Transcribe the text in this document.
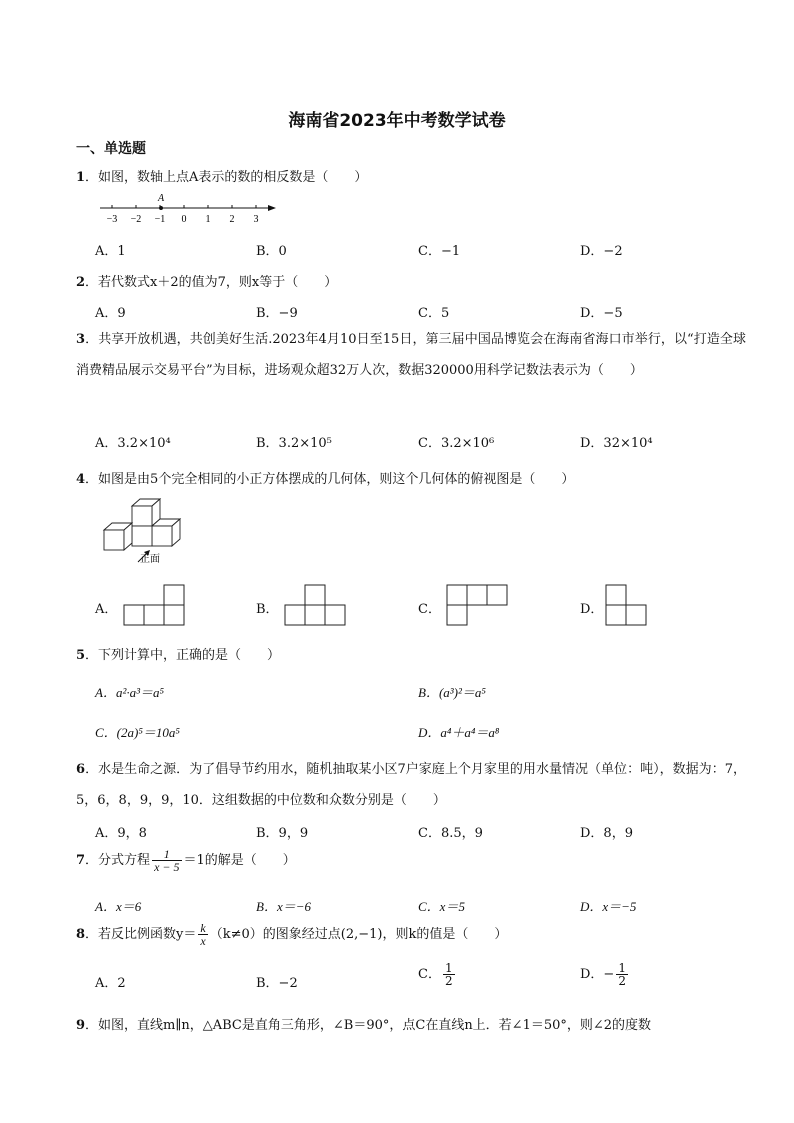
海南省2023年中考数学试卷
一、单选题
1．如图，数轴上点A表示的数的相反数是（　　）
−3 −2 −1 0 1 2 3
A
A．1	B．0	C．−1	D．−2
2．若代数式x＋2的值为7，则x等于（　　）
A．9	B．−9	C．5	D．−5
3．共享开放机遇，共创美好生活.2023年4月10日至15日，第三届中国品博览会在海南省海口市举行，以“打造全球消费精品展示交易平台”为目标，进场观众超32万人次，数据320000用科学记数法表示为（　　）
A．3.2×10⁴	B．3.2×10⁵	C．3.2×10⁶	D．32×10⁴
4．如图是由5个完全相同的小正方体摆成的几何体，则这个几何体的俯视图是（　　）
正面
A．	B．	C．	D．
5．下列计算中，正确的是（　　）
A．a²·a³＝a⁵	B．(a³)²＝a⁵
C．(2a)⁵＝10a⁵	D．a⁴＋a⁴＝a⁸
6．水是生命之源．为了倡导节约用水，随机抽取某小区7户家庭上个月家里的用水量情况（单位：吨），数据为：7，5，6，8，9，9，10．这组数据的中位数和众数分别是（　　）
A．9，8	B．9，9	C．8.5，9	D．8，9
7．分式方程 $\frac{1}{x - 5} =1$的解是（　　）
A．x＝6	B．x＝−6	C．x＝5	D．x＝−5
8．若反比例函数$y= \frac{k}{x} (k\ne 0)$的图象经过点(2,−1)，则k的值是（　　）
A．2	B．−2
C． $\frac{1}{2}$	D．− $\frac{1}{2}$
9．如图，直线m∥n，△ABC是直角三角形，∠B＝90°，点C在直线n上．若∠1＝50°，则∠2的度数
